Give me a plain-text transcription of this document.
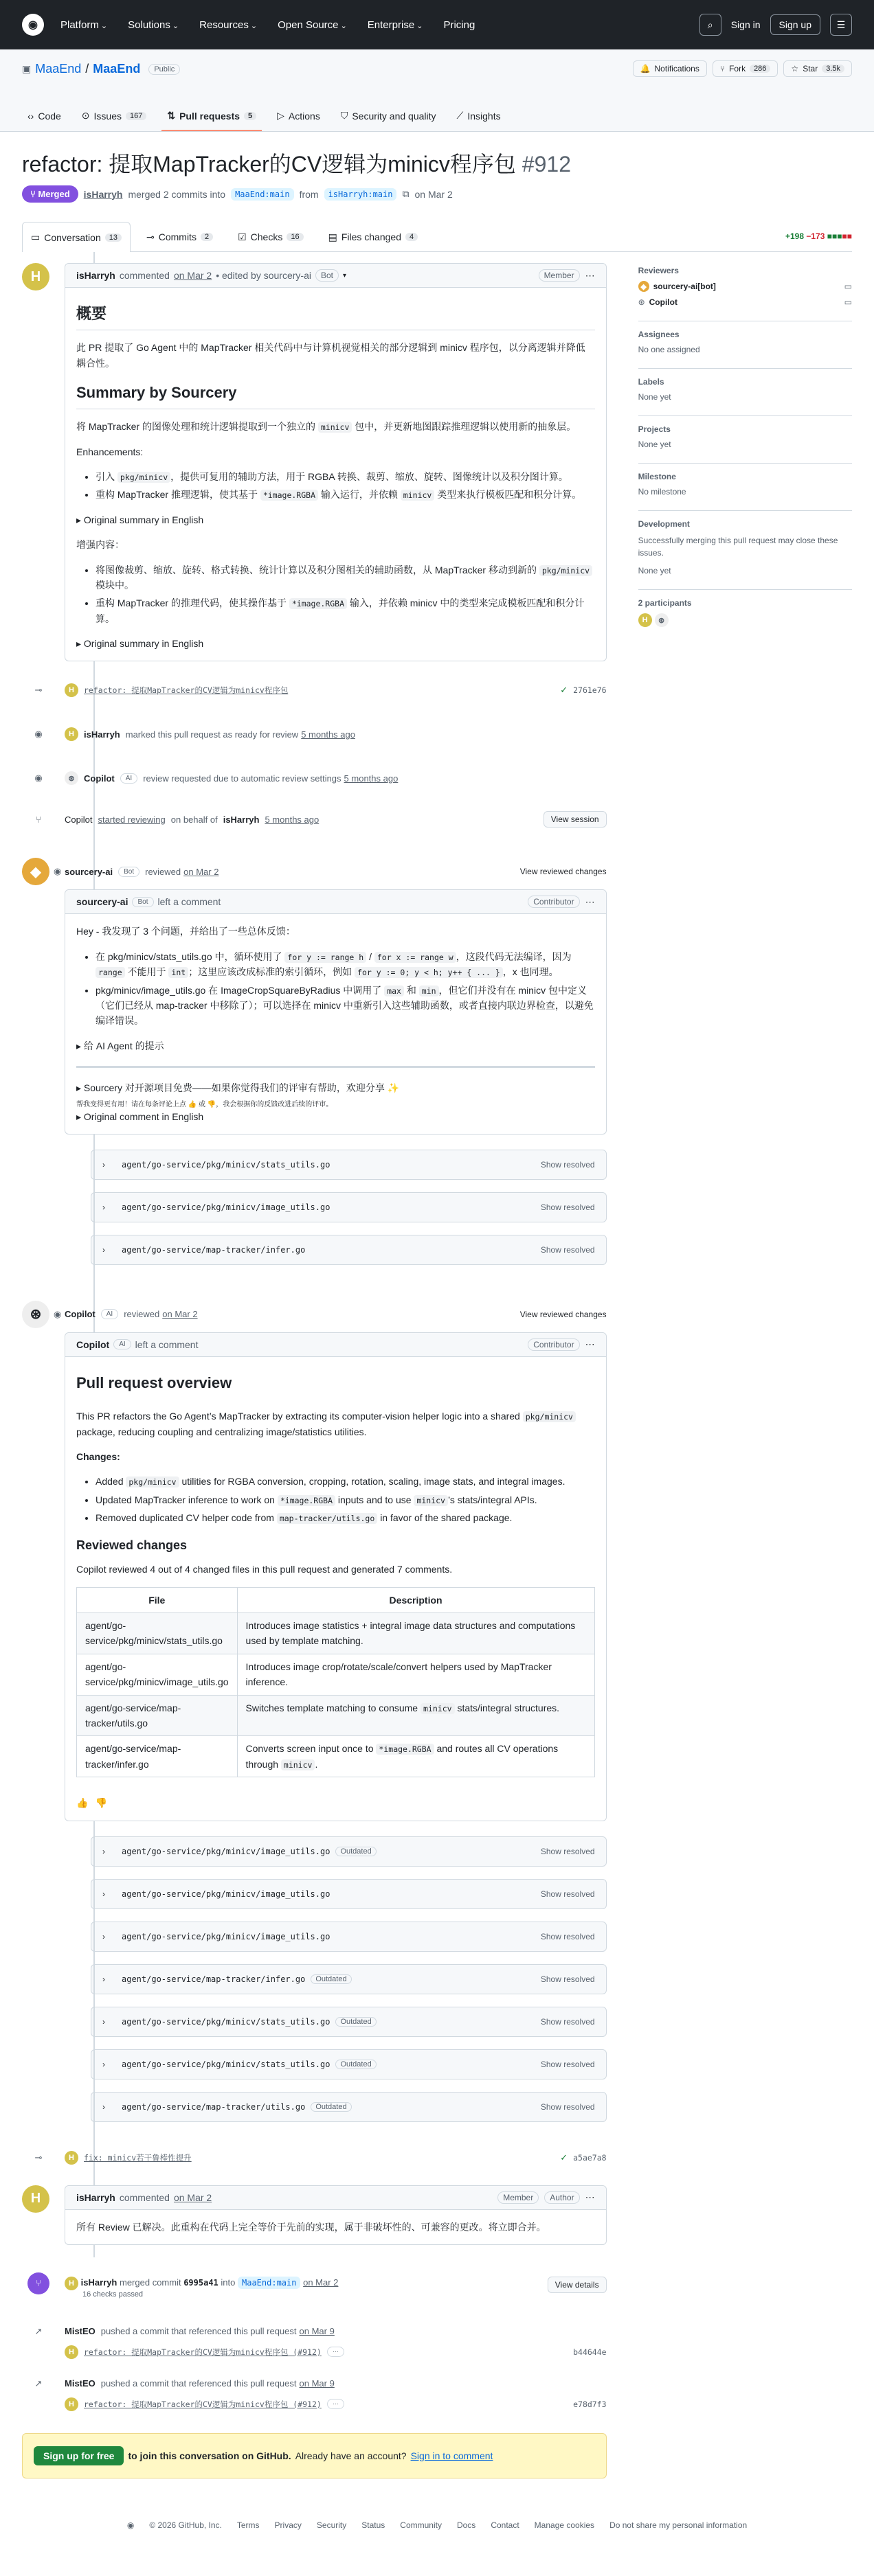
◉	Platform ⌄	Solutions ⌄	Resources ⌄	Open Source ⌄	Enterprise ⌄	Pricing	⌕	Sign in	Sign up	☰
▣ MaaEnd / MaaEnd	Public	🔔 Notifications	⑂ Fork	286	☆ Star	3.5k
‹› Code ⊙ Issues	167	⇅ Pull requests	5	▷ Actions ⛉ Security and quality ⟋ Insights
refactor: 提取MapTracker的CV逻辑为minicv程序包 #912
⑂ Merged	isHarryh merged 2 commits into	MaaEnd:main	from	isHarryh:main	⧉ on Mar 2
▭ Conversation	13	⊸ Commits	2	☑ Checks	16	▤ Files changed	4	+198 −173 ■■■■■
H	isHarryh commented on Mar 2 • edited by sourcery-ai	Bot	▾	Member	⋯
概要

此 PR 提取了 Go Agent 中的 MapTracker 相关代码中与计算机视觉相关的部分逻辑到 minicv 程序包，以分离逻辑并降低耦合性。

Summary by Sourcery

将 MapTracker 的图像处理和统计逻辑提取到一个独立的 minicv 包中，并更新地图跟踪推理逻辑以使用新的抽象层。

Enhancements:

• 引入 pkg/minicv ，提供可复用的辅助方法，用于 RGBA 转换、裁剪、缩放、旋转、图像统计以及积分图计算。
• 重构 MapTracker 推理逻辑，使其基于 *image.RGBA 输入运行，并依赖 minicv 类型来执行模板匹配和积分计算。

▸ Original summary in English

增强内容：

• 将图像裁剪、缩放、旋转、格式转换、统计计算以及积分图相关的辅助函数，从 MapTracker 移动到新的 pkg/minicv 模块中。
• 重构 MapTracker 的推理代码，使其操作基于 *image.RGBA 输入，并依赖 minicv 中的类型来完成模板匹配和积分计算。

▸ Original summary in English

⊸	H	refactor: 提取MapTracker的CV逻辑为minicv程序包	✓ 2761e76
◉	H	isHarryh marked this pull request as ready for review 5 months ago
◉	⊛	Copilot	AI	review requested due to automatic review settings 5 months ago
⑂	Copilot started reviewing on behalf of isHarryh 5 months ago	View session
◆	◉ sourcery-ai	Bot	reviewed on Mar 2	View reviewed changes
sourcery-ai	Bot	left a comment	Contributor	⋯

Hey - 我发现了 3 个问题，并给出了一些总体反馈：

• 在 pkg/minicv/stats_utils.go 中，循环使用了 for y := range h / for x := range w ，这段代码无法编译，因为 range 不能用于 int ；这里应该改成标准的索引循环，例如 for y := 0; y < h; y++ { ... } ，x 也同理。
• pkg/minicv/image_utils.go 在 ImageCropSquareByRadius 中调用了 max 和 min ，但它们并没有在 minicv 包中定义（它们已经从 map-tracker 中移除了）；可以选择在 minicv 中重新引入这些辅助函数，或者直接内联边界检查，以避免编译错误。

▸ 给 AI Agent 的提示

▸ Sourcery 对开源项目免费——如果你觉得我们的评审有帮助，欢迎分享 ✨

帮我变得更有用！请在每条评论上点 👍 或 👎，我会根据你的反馈改进后续的评审。

▸ Original comment in English

› agent/go-service/pkg/minicv/stats_utils.go	Show resolved
› agent/go-service/pkg/minicv/image_utils.go	Show resolved
› agent/go-service/map-tracker/infer.go	Show resolved
⊛	◉ Copilot	AI	reviewed on Mar 2	View reviewed changes
Copilot	AI	left a comment	Contributor	⋯
Pull request overview

This PR refactors the Go Agent’s MapTracker by extracting its computer-vision helper logic into a shared pkg/minicv package, reducing coupling and centralizing image/statistics utilities.

Changes:

• Added pkg/minicv utilities for RGBA conversion, cropping, rotation, scaling, image stats, and integral images.
• Updated MapTracker inference to work on *image.RGBA inputs and to use minicv ’s stats/integral APIs.
• Removed duplicated CV helper code from map-tracker/utils.go in favor of the shared package.
Reviewed changes

Copilot reviewed 4 out of 4 changed files in this pull request and generated 7 comments.

File	Description
agent/go-service/pkg/minicv/stats_utils.go	Introduces image statistics + integral image data structures and computations used by template matching.
agent/go-service/pkg/minicv/image_utils.go	Introduces image crop/rotate/scale/convert helpers used by MapTracker inference.
agent/go-service/map-tracker/utils.go	Switches template matching to consume minicv stats/integral structures.
agent/go-service/map-tracker/infer.go	Converts screen input once to *image.RGBA and routes all CV operations through minicv .
👍 👎
› agent/go-service/pkg/minicv/image_utils.go	Outdated	Show resolved
› agent/go-service/pkg/minicv/image_utils.go	Show resolved
› agent/go-service/pkg/minicv/image_utils.go	Show resolved
› agent/go-service/map-tracker/infer.go	Outdated	Show resolved
› agent/go-service/pkg/minicv/stats_utils.go	Outdated	Show resolved
› agent/go-service/pkg/minicv/stats_utils.go	Outdated	Show resolved
› agent/go-service/map-tracker/utils.go	Outdated	Show resolved
⊸	H	fix: minicv若干鲁棒性提升	✓ a5ae7a8
H	isHarryh commented on Mar 2	Member	Author	⋯

所有 Review 已解决。此重构在代码上完全等价于先前的实现，属于非破坏性的、可兼容的更改。将立即合并。

⑂	H isHarryh merged commit 6995a41 into MaaEnd:main on Mar 2
16 checks passed
View details
↗	MistEO pushed a commit that referenced this pull request on Mar 9
H	refactor: 提取MapTracker的CV逻辑为minicv程序包 (#912)	⋯	b44644e
↗	MistEO pushed a commit that referenced this pull request on Mar 9
H	refactor: 提取MapTracker的CV逻辑为minicv程序包 (#912)	⋯	e78d7f3
Sign up for free	to join this conversation on GitHub. Already have an account? Sign in to comment
Reviewers
◆ sourcery-ai[bot]	▭
⊛ Copilot	▭
Assignees
No one assigned
Labels
None yet
Projects
None yet
Milestone
No milestone
Development
Successfully merging this pull request may close these issues.
None yet
2 participants
H	⊛
◉ © 2026 GitHub, Inc. Terms Privacy Security Status Community Docs Contact Manage cookies Do not share my personal information
